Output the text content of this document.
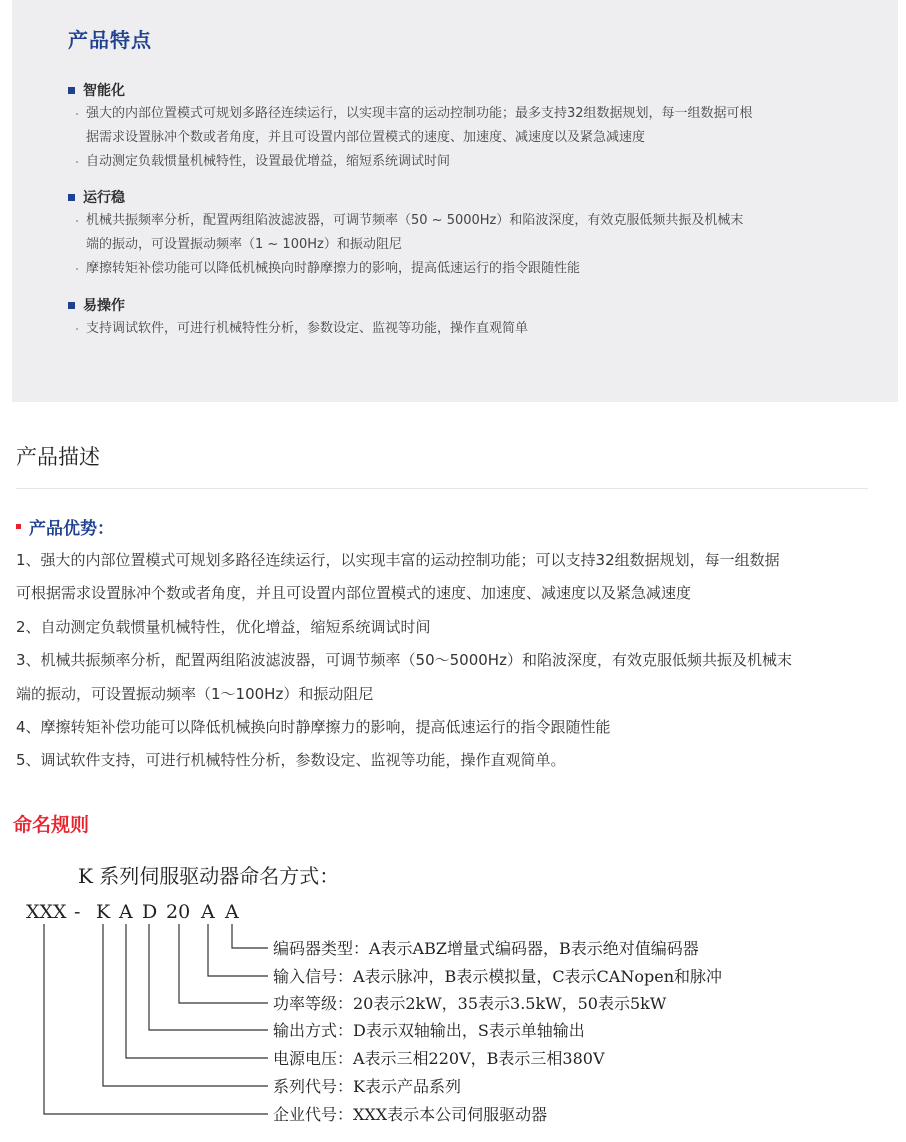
产品特点
智能化
强大的内部位置模式可规划多路径连续运行，以实现丰富的运动控制功能；最多支持32组数据规划，每一组数据可根
据需求设置脉冲个数或者角度，并且可设置内部位置模式的速度、加速度、减速度以及紧急减速度
自动测定负载惯量机械特性，设置最优增益，缩短系统调试时间
运行稳
机械共振频率分析，配置两组陷波滤波器，可调节频率（50 ~ 5000Hz）和陷波深度，有效克服低频共振及机械末
端的振动，可设置振动频率（1 ~ 100Hz）和振动阻尼
摩擦转矩补偿功能可以降低机械换向时静摩擦力的影响，提高低速运行的指令跟随性能
易操作
支持调试软件，可进行机械特性分析，参数设定、监视等功能，操作直观简单
产品描述
产品优势：
1、强大的内部位置模式可规划多路径连续运行，以实现丰富的运动控制功能；可以支持32组数据规划，每一组数据
可根据需求设置脉冲个数或者角度，并且可设置内部位置模式的速度、加速度、减速度以及紧急减速度
2、自动测定负载惯量机械特性，优化增益，缩短系统调试时间
3、机械共振频率分析，配置两组陷波滤波器，可调节频率（50～5000Hz）和陷波深度，有效克服低频共振及机械末
端的振动，可设置振动频率（1～100Hz）和振动阻尼
4、摩擦转矩补偿功能可以降低机械换向时静摩擦力的影响，提高低速运行的指令跟随性能
5、调试软件支持，可进行机械特性分析，参数设定、监视等功能，操作直观简单。
命名规则
K 系列伺服驱动器命名方式：
XXX - K A D 20 A A
编码器类型：A表示ABZ增量式编码器，B表示绝对值编码器
输入信号：A表示脉冲，B表示模拟量，C表示CANopen和脉冲
功率等级：20表示2kW，35表示3.5kW，50表示5kW
输出方式：D表示双轴输出，S表示单轴输出
电源电压：A表示三相220V，B表示三相380V
系列代号：K表示产品系列
企业代号：XXX表示本公司伺服驱动器
